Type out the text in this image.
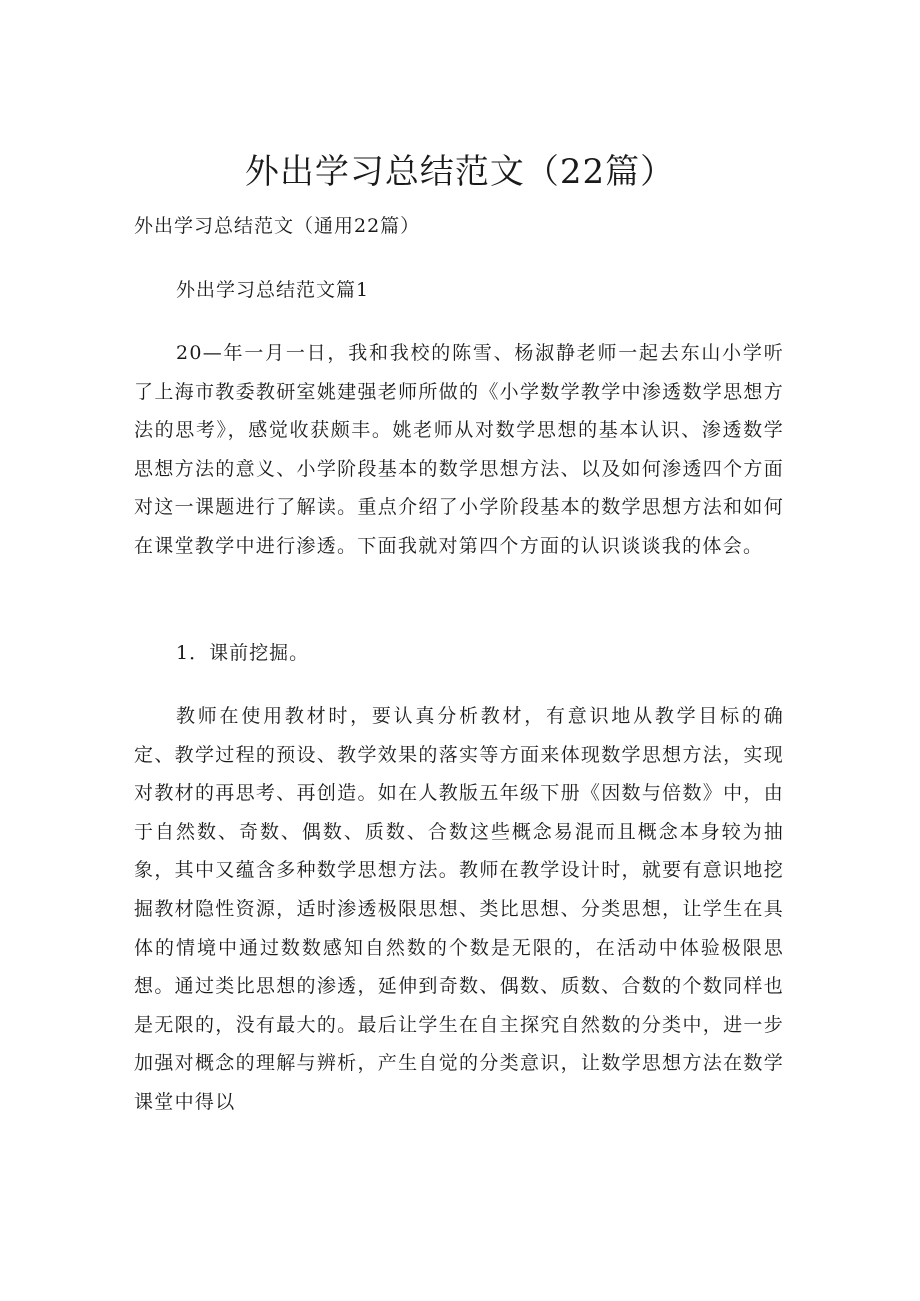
外出学习总结范文（22篇）

外出学习总结范文（通用22篇）

外出学习总结范文篇1

20—年一月一日，我和我校的陈雪、杨淑静老师一起去东山小学听了上海市教委教研室姚建强老师所做的《小学数学教学中渗透数学思想方法的思考》，感觉收获颇丰。姚老师从对数学思想的基本认识、渗透数学思想方法的意义、小学阶段基本的数学思想方法、以及如何渗透四个方面对这一课题进行了解读。重点介绍了小学阶段基本的数学思想方法和如何在课堂教学中进行渗透。下面我就对第四个方面的认识谈谈我的体会。

1．课前挖掘。

教师在使用教材时，要认真分析教材，有意识地从教学目标的确定、教学过程的预设、教学效果的落实等方面来体现数学思想方法，实现对教材的再思考、再创造。如在人教版五年级下册《因数与倍数》中，由于自然数、奇数、偶数、质数、合数这些概念易混而且概念本身较为抽象，其中又蕴含多种数学思想方法。教师在教学设计时，就要有意识地挖掘教材隐性资源，适时渗透极限思想、类比思想、分类思想，让学生在具体的情境中通过数数感知自然数的个数是无限的，在活动中体验极限思想。通过类比思想的渗透，延伸到奇数、偶数、质数、合数的个数同样也是无限的，没有最大的。最后让学生在自主探究自然数的分类中，进一步加强对概念的理解与辨析，产生自觉的分类意识，让数学思想方法在数学课堂中得以
